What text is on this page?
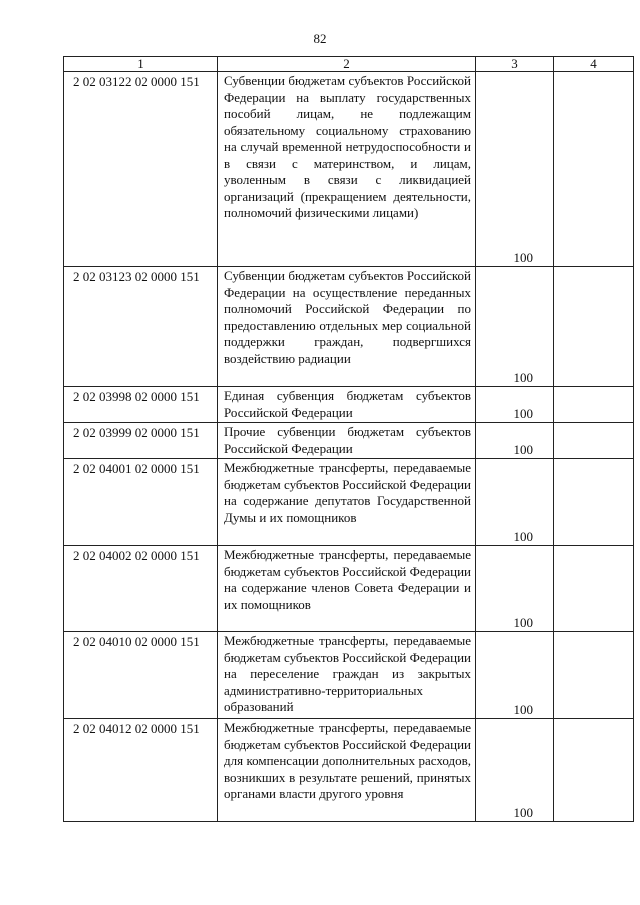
82
1	2	3	4
2 02 03122 02 0000 151	Субвенции бюджетам субъектов Российской Федерации на выплату государственных пособий лицам, не подлежащим обязательному социальному страхованию на случай временной нетрудоспособности и в связи с материнством, и лицам, уволенным в связи с ликвидацией организаций (прекращением деятельности, полномочий физическими лицами)	100	
2 02 03123 02 0000 151	Субвенции бюджетам субъектов Российской Федерации на осуществление переданных полномочий Российской Федерации по предоставлению отдельных мер социальной поддержки граждан, подвергшихся воздействию радиации	100	
2 02 03998 02 0000 151	Единая субвенция бюджетам субъектов Российской Федерации	100	
2 02 03999 02 0000 151	Прочие субвенции бюджетам субъектов Российской Федерации	100	
2 02 04001 02 0000 151	Межбюджетные трансферты, передаваемые бюджетам субъектов Российской Федерации на содержание депутатов Государственной Думы и их помощников	100	
2 02 04002 02 0000 151	Межбюджетные трансферты, передаваемые бюджетам субъектов Российской Федерации на содержание членов Совета Федерации и их помощников	100	
2 02 04010 02 0000 151	Межбюджетные трансферты, передаваемые бюджетам субъектов Российской Федерации на переселение граждан из закрытых административно-территориальных образований	100	
2 02 04012 02 0000 151	Межбюджетные трансферты, передаваемые бюджетам субъектов Российской Федерации для компенсации дополнительных расходов, возникших в результате решений, принятых органами власти другого уровня	100	
